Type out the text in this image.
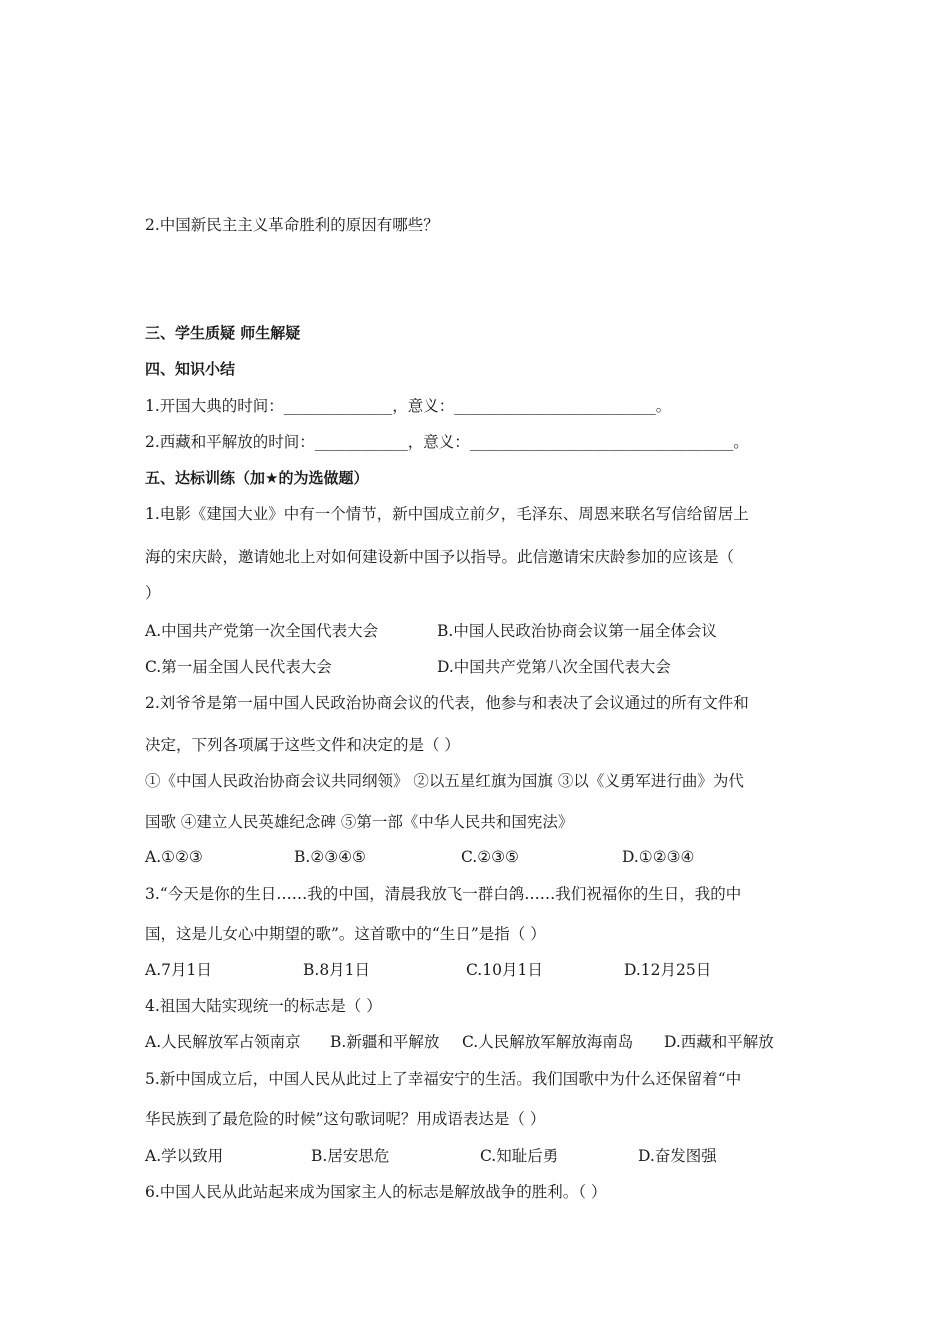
2.中国新民主主义革命胜利的原因有哪些？

三、学生质疑 师生解疑

四、知识小结

1.开国大典的时间：______________，意义：__________________________。

2.西藏和平解放的时间：____________，意义：__________________________________。

五、达标训练（加★的为选做题）

1.电影《建国大业》中有一个情节，新中国成立前夕，毛泽东、周恩来联名写信给留居上

海的宋庆龄，邀请她北上对如何建设新中国予以指导。此信邀请宋庆龄参加的应该是（

）

A.中国共产党第一次全国代表大会	B.中国人民政治协商会议第一届全体会议
C.第一届全国人民代表大会	D.中国共产党第八次全国代表大会

2.刘爷爷是第一届中国人民政治协商会议的代表，他参与和表决了会议通过的所有文件和

决定，下列各项属于这些文件和决定的是（ ）

①《中国人民政治协商会议共同纲领》 ②以五星红旗为国旗 ③以《义勇军进行曲》为代

国歌 ④建立人民英雄纪念碑 ⑤第一部《中华人民共和国宪法》

A.①②③	B.②③④⑤	C.②③⑤	D.①②③④

3.“今天是你的生日……我的中国，清晨我放飞一群白鸽……我们祝福你的生日，我的中

国，这是儿女心中期望的歌”。这首歌中的“生日”是指（ ）

A.7月1日	B.8月1日	C.10月1日	D.12月25日

4.祖国大陆实现统一的标志是（ ）

A.人民解放军占领南京 B.新疆和平解放 C.人民解放军解放海南岛 D.西藏和平解放

5.新中国成立后，中国人民从此过上了幸福安宁的生活。我们国歌中为什么还保留着“中

华民族到了最危险的时候”这句歌词呢？用成语表达是（ ）

A.学以致用	B.居安思危	C.知耻后勇	D.奋发图强

6.中国人民从此站起来成为国家主人的标志是解放战争的胜利。（ ）
